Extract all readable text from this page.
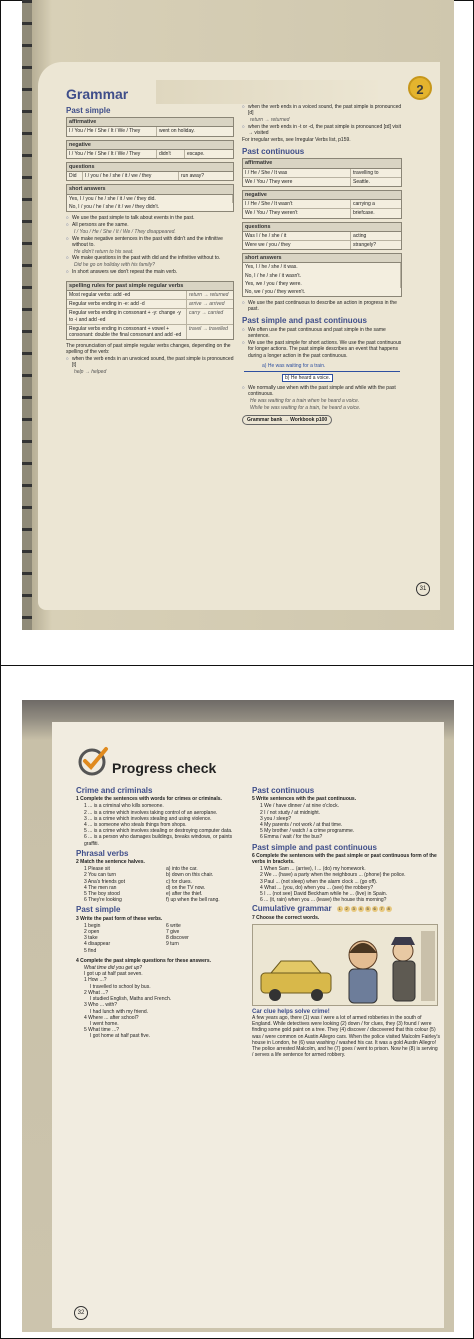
Grammar	2
Past simple
affirmative
I / You / He / She / It / We / They	went on holiday.
negative
I / You / He / She / It / We / They	didn't	escape.
questions
Did	I / you / he / she / it / we / they	run away?
short answers
Yes, I / you / he / she / it / we / they did.
No, I / you / he / she / it / we / they didn't.
○ We use the past simple to talk about events in the past.
○ All persons are the same.
I / You / He / She / It / We / They disappeared.
○ We make negative sentences in the past with didn't and the infinitive without to.
He didn't return to his seat.
○ We make questions in the past with did and the infinitive without to.
Did he go on holiday with his family?
○ In short answers we don't repeat the main verb.
spelling rules for past simple regular verbs
Most regular verbs: add -ed	return → returned
Regular verbs ending in -e: add -d	arrive → arrived
Regular verbs ending in consonant + -y: change -y to -i and add -ed
carry → carried
Regular verbs ending in consonant + vowel + consonant: double the final consonant and add -ed
travel → travelled
The pronunciation of past simple regular verbs changes, depending on the spelling of the verb:
○ when the verb ends in an unvoiced sound, the past simple is pronounced [t]
help → helped
○ when the verb ends in a voiced sound, the past simple is pronounced [d]
return → returned
○ when the verb ends in -t or -d, the past simple is pronounced [ɪd] visit → visited
For irregular verbs, see Irregular Verbs list, p159.
Past continuous
affirmative
I / He / She / It was	travelling to
We / You / They were	Seattle.
negative
I / He / She / It wasn't	carrying a
We / You / They weren't	briefcase.
questions
Was I / he / she / it	acting
Were we / you / they	strangely?
short answers
Yes, I / he / she / it was.
No, I / he / she / it wasn't.
Yes, we / you / they were.
No, we / you / they weren't.
○ We use the past continuous to describe an action in progress in the past.
Past simple and past continuous
○ We often use the past continuous and past simple in the same sentence.
○ We use the past simple for short actions. We use the past continuous for longer actions. The past simple describes an event that happens during a longer action in the past continuous.
a) He was waiting for a train.
b) He heard a voice.
○ We normally use when with the past simple and while with the past continuous.
He was waiting for a train when he heard a voice.
While he was waiting for a train, he heard a voice.
Grammar bank → Workbook p100
31
Progress check
Crime and criminals
1 Complete the sentences with words for crimes or criminals.
1 ... is a criminal who kills someone.
2 ... is a crime which involves taking control of an aeroplane.
3 ... is a crime which involves stealing and using violence.
4 ... is someone who steals things from shops.
5 ... is a crime which involves stealing or destroying computer data.
6 ... is a person who damages buildings, breaks windows, or paints graffiti.
Phrasal verbs
2 Match the sentence halves.
1 Please sit	a) into the car.
2 You can turn	b) down on this chair.
3 Ana's friends got	c) for clues.
4 The men ran	d) on the TV now.
5 The boy stood	e) after the thief.
6 They're looking	f) up when the bell rang.
Past simple
3 Write the past form of these verbs.
1 begin	6 write
2 open	7 give
3 take	8 discover
4 disappear	9 turn
5 find
4 Complete the past simple questions for these answers.
What time did you get up?
I got up at half past seven.
1 How ...?
I travelled to school by bus.
2 What ...?
I studied English, Maths and French.
3 Who ... with?
I had lunch with my friend.
4 Where ... after school?
I went home.
5 What time ...?
I got home at half past five.
Past continuous
5 Write sentences with the past continuous.
1 We / have dinner / at nine o'clock.
2 I / not study / at midnight.
3 you / sleep?
4 My parents / not work / at that time.
5 My brother / watch / a crime programme.
6 Emma / wait / for the bus?
Past simple and past continuous
6 Complete the sentences with the past simple or past continuous form of the verbs in brackets.
1 When Sam ... (arrive), I ... (do) my homework.
2 We ... (have) a party when the neighbours ... (phone) the police.
3 Paul ... (not sleep) when the alarm clock ... (go off).
4 What ... (you, do) when you ... (see) the robbery?
5 I ... (not see) David Beckham while he ... (live) in Spain.
6 ... (it, rain) when you ... (leave) the house this morning?
Cumulative grammar	1 2 3 4 5 6 7 8
7 Choose the correct words.
Car clue helps solve crime!
A few years ago, there (1) was / were a lot of armed robberies in the south of England. While detectives were looking (2) down / for clues, they (3) found / were finding some gold paint on a tree. They (4) discover / discovered that this colour (5) was / were common on Austin Allegro cars. When the police visited Malcolm Fairley's house in London, he (6) was washing / washed his car. It was a gold Austin Allegro! The police arrested Malcolm, and he (7) goes / went to prison. Now he (8) is serving / serves a life sentence for armed robbery.
32
